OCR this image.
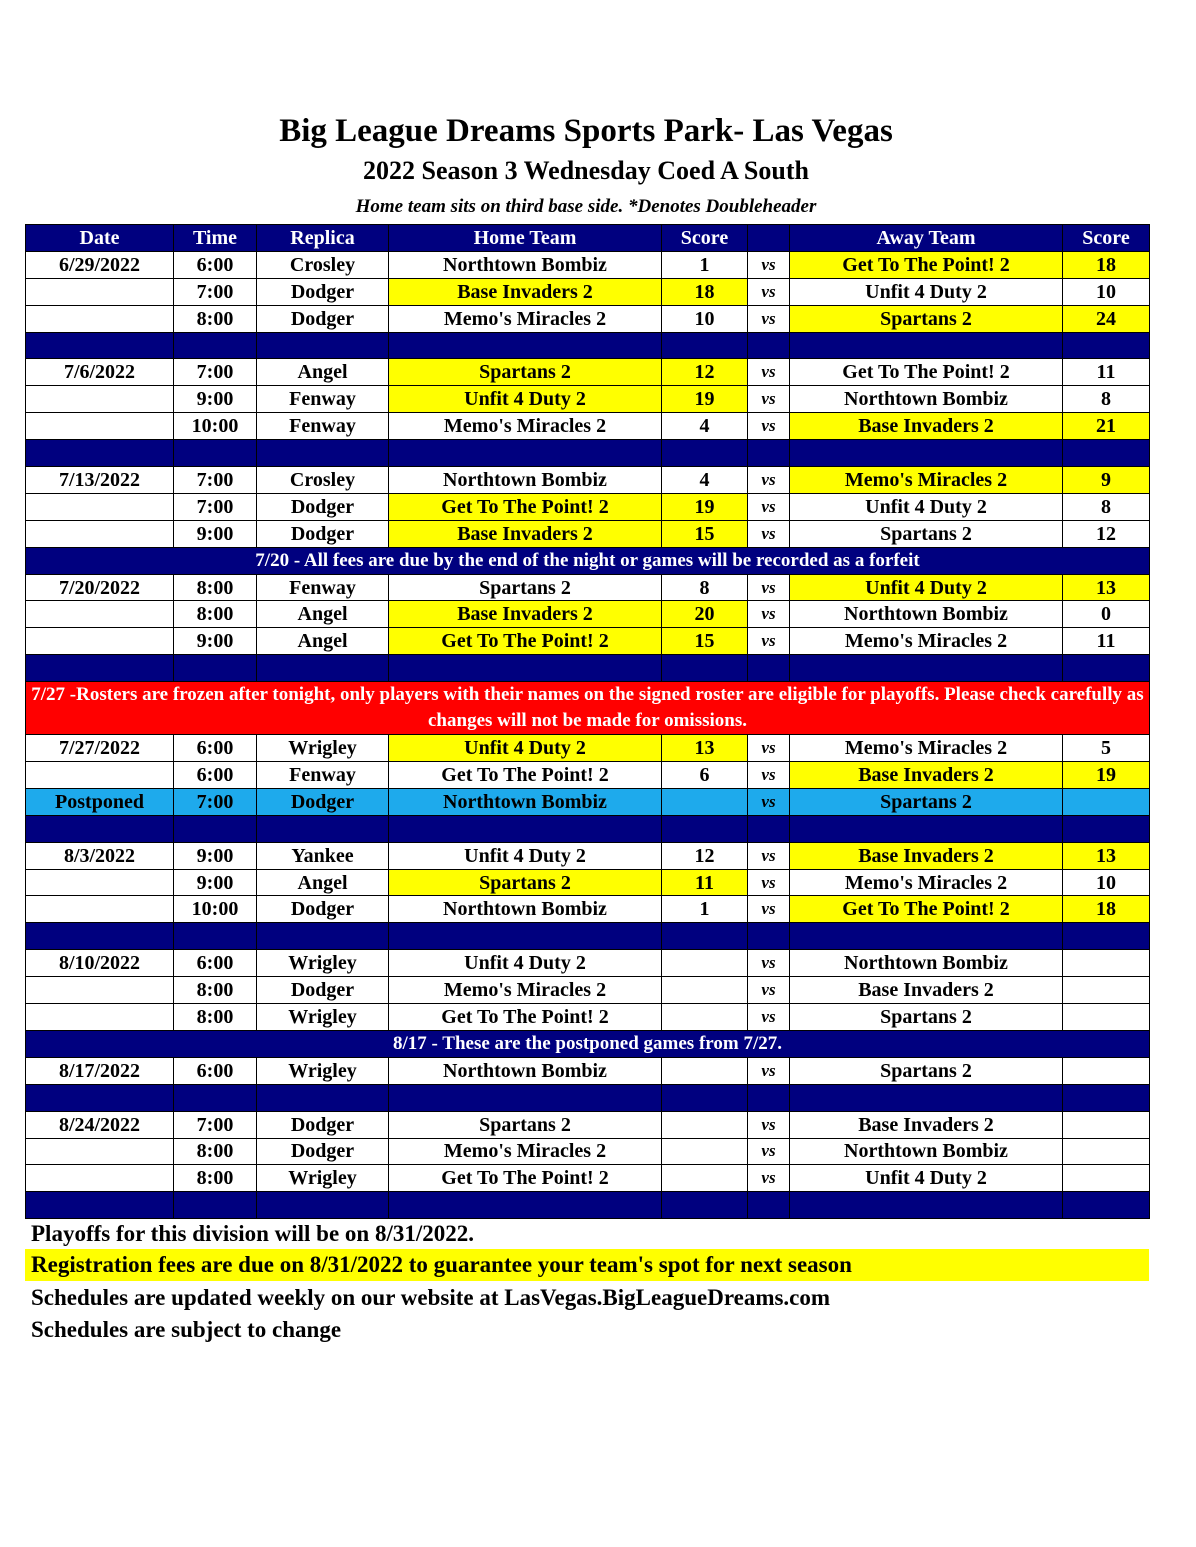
Big League Dreams Sports Park- Las Vegas
2022 Season 3 Wednesday Coed A South
Home team sits on third base side. *Denotes Doubleheader
Date	Time	Replica	Home Team	Score		Away Team	Score
6/29/2022	6:00	Crosley	Northtown Bombiz	1	vs	Get To The Point! 2	18
	7:00	Dodger	Base Invaders 2	18	vs	Unfit 4 Duty 2	10
	8:00	Dodger	Memo's Miracles 2	10	vs	Spartans 2	24

7/6/2022	7:00	Angel	Spartans 2	12	vs	Get To The Point! 2	11
	9:00	Fenway	Unfit 4 Duty 2	19	vs	Northtown Bombiz	8
	10:00	Fenway	Memo's Miracles 2	4	vs	Base Invaders 2	21

7/13/2022	7:00	Crosley	Northtown Bombiz	4	vs	Memo's Miracles 2	9
	7:00	Dodger	Get To The Point! 2	19	vs	Unfit 4 Duty 2	8
	9:00	Dodger	Base Invaders 2	15	vs	Spartans 2	12
7/20 - All fees are due by the end of the night or games will be recorded as a forfeit							
7/20/2022	8:00	Fenway	Spartans 2	8	vs	Unfit 4 Duty 2	13
	8:00	Angel	Base Invaders 2	20	vs	Northtown Bombiz	0
	9:00	Angel	Get To The Point! 2	15	vs	Memo's Miracles 2	11

7/27 -Rosters are frozen after tonight, only players with their names on the signed roster are eligible for playoffs. Please check carefully as changes will not be made for omissions.							
7/27/2022	6:00	Wrigley	Unfit 4 Duty 2	13	vs	Memo's Miracles 2	5
	6:00	Fenway	Get To The Point! 2	6	vs	Base Invaders 2	19
Postponed	7:00	Dodger	Northtown Bombiz		vs	Spartans 2	

8/3/2022	9:00	Yankee	Unfit 4 Duty 2	12	vs	Base Invaders 2	13
	9:00	Angel	Spartans 2	11	vs	Memo's Miracles 2	10
	10:00	Dodger	Northtown Bombiz	1	vs	Get To The Point! 2	18

8/10/2022	6:00	Wrigley	Unfit 4 Duty 2		vs	Northtown Bombiz	
	8:00	Dodger	Memo's Miracles 2		vs	Base Invaders 2	
	8:00	Wrigley	Get To The Point! 2		vs	Spartans 2	
8/17 - These are the postponed games from 7/27.							
8/17/2022	6:00	Wrigley	Northtown Bombiz		vs	Spartans 2	

8/24/2022	7:00	Dodger	Spartans 2		vs	Base Invaders 2	
	8:00	Dodger	Memo's Miracles 2		vs	Northtown Bombiz	
	8:00	Wrigley	Get To The Point! 2		vs	Unfit 4 Duty 2	

Playoffs for this division will be on 8/31/2022.
Registration fees are due on 8/31/2022 to guarantee your team's spot for next season
Schedules are updated weekly on our website at LasVegas.BigLeagueDreams.com
Schedules are subject to change
